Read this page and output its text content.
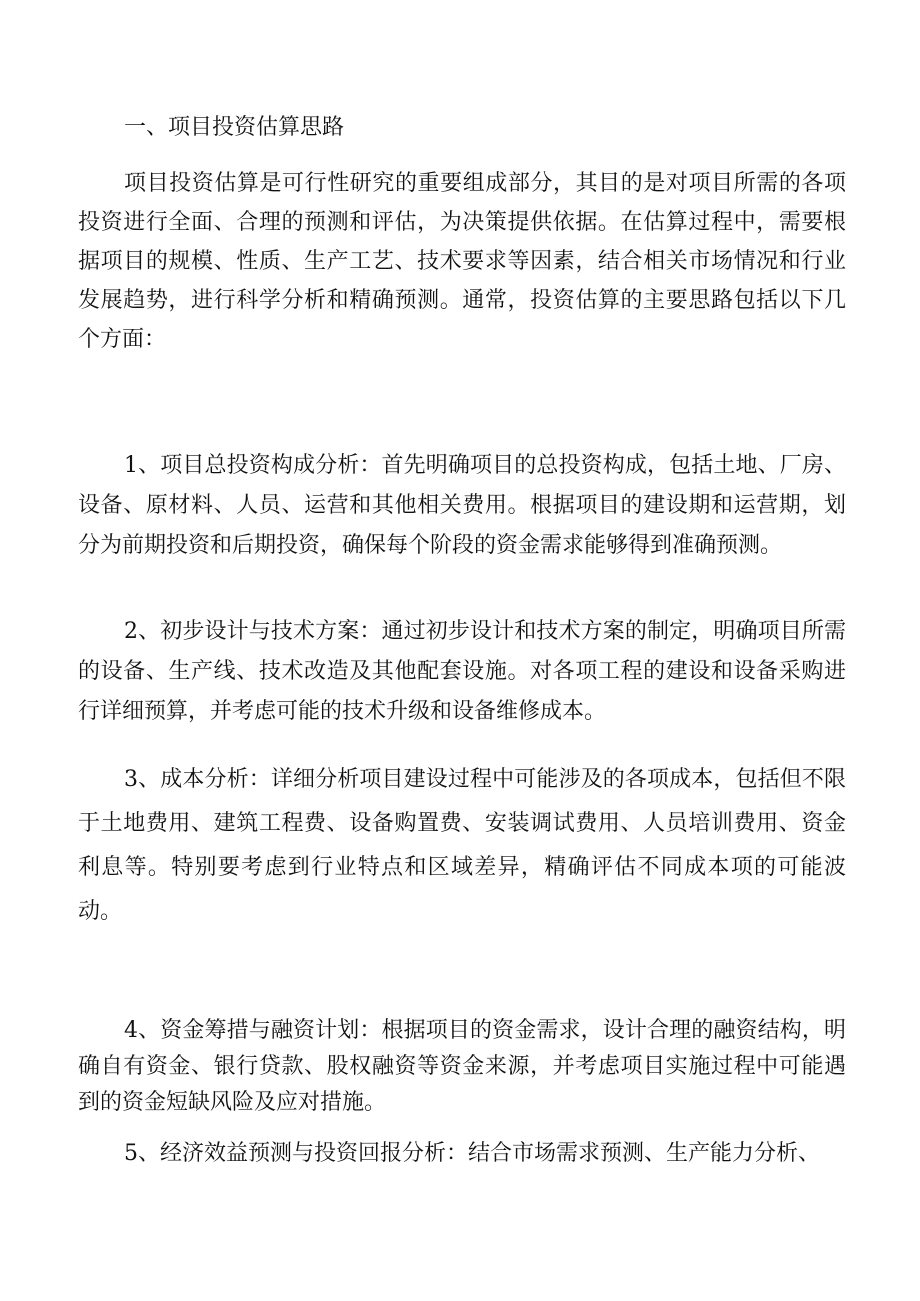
一、项目投资估算思路

项目投资估算是可行性研究的重要组成部分，其目的是对项目所需的各项投资进行全面、合理的预测和评估，为决策提供依据。在估算过程中，需要根据项目的规模、性质、生产工艺、技术要求等因素，结合相关市场情况和行业发展趋势，进行科学分析和精确预测。通常，投资估算的主要思路包括以下几个方面：

1、项目总投资构成分析：首先明确项目的总投资构成，包括土地、厂房、设备、原材料、人员、运营和其他相关费用。根据项目的建设期和运营期，划分为前期投资和后期投资，确保每个阶段的资金需求能够得到准确预测。

2、初步设计与技术方案：通过初步设计和技术方案的制定，明确项目所需的设备、生产线、技术改造及其他配套设施。对各项工程的建设和设备采购进行详细预算，并考虑可能的技术升级和设备维修成本。

3、成本分析：详细分析项目建设过程中可能涉及的各项成本，包括但不限于土地费用、建筑工程费、设备购置费、安装调试费用、人员培训费用、资金利息等。特别要考虑到行业特点和区域差异，精确评估不同成本项的可能波动。

4、资金筹措与融资计划：根据项目的资金需求，设计合理的融资结构，明确自有资金、银行贷款、股权融资等资金来源，并考虑项目实施过程中可能遇到的资金短缺风险及应对措施。

5、经济效益预测与投资回报分析：结合市场需求预测、生产能力分析、
